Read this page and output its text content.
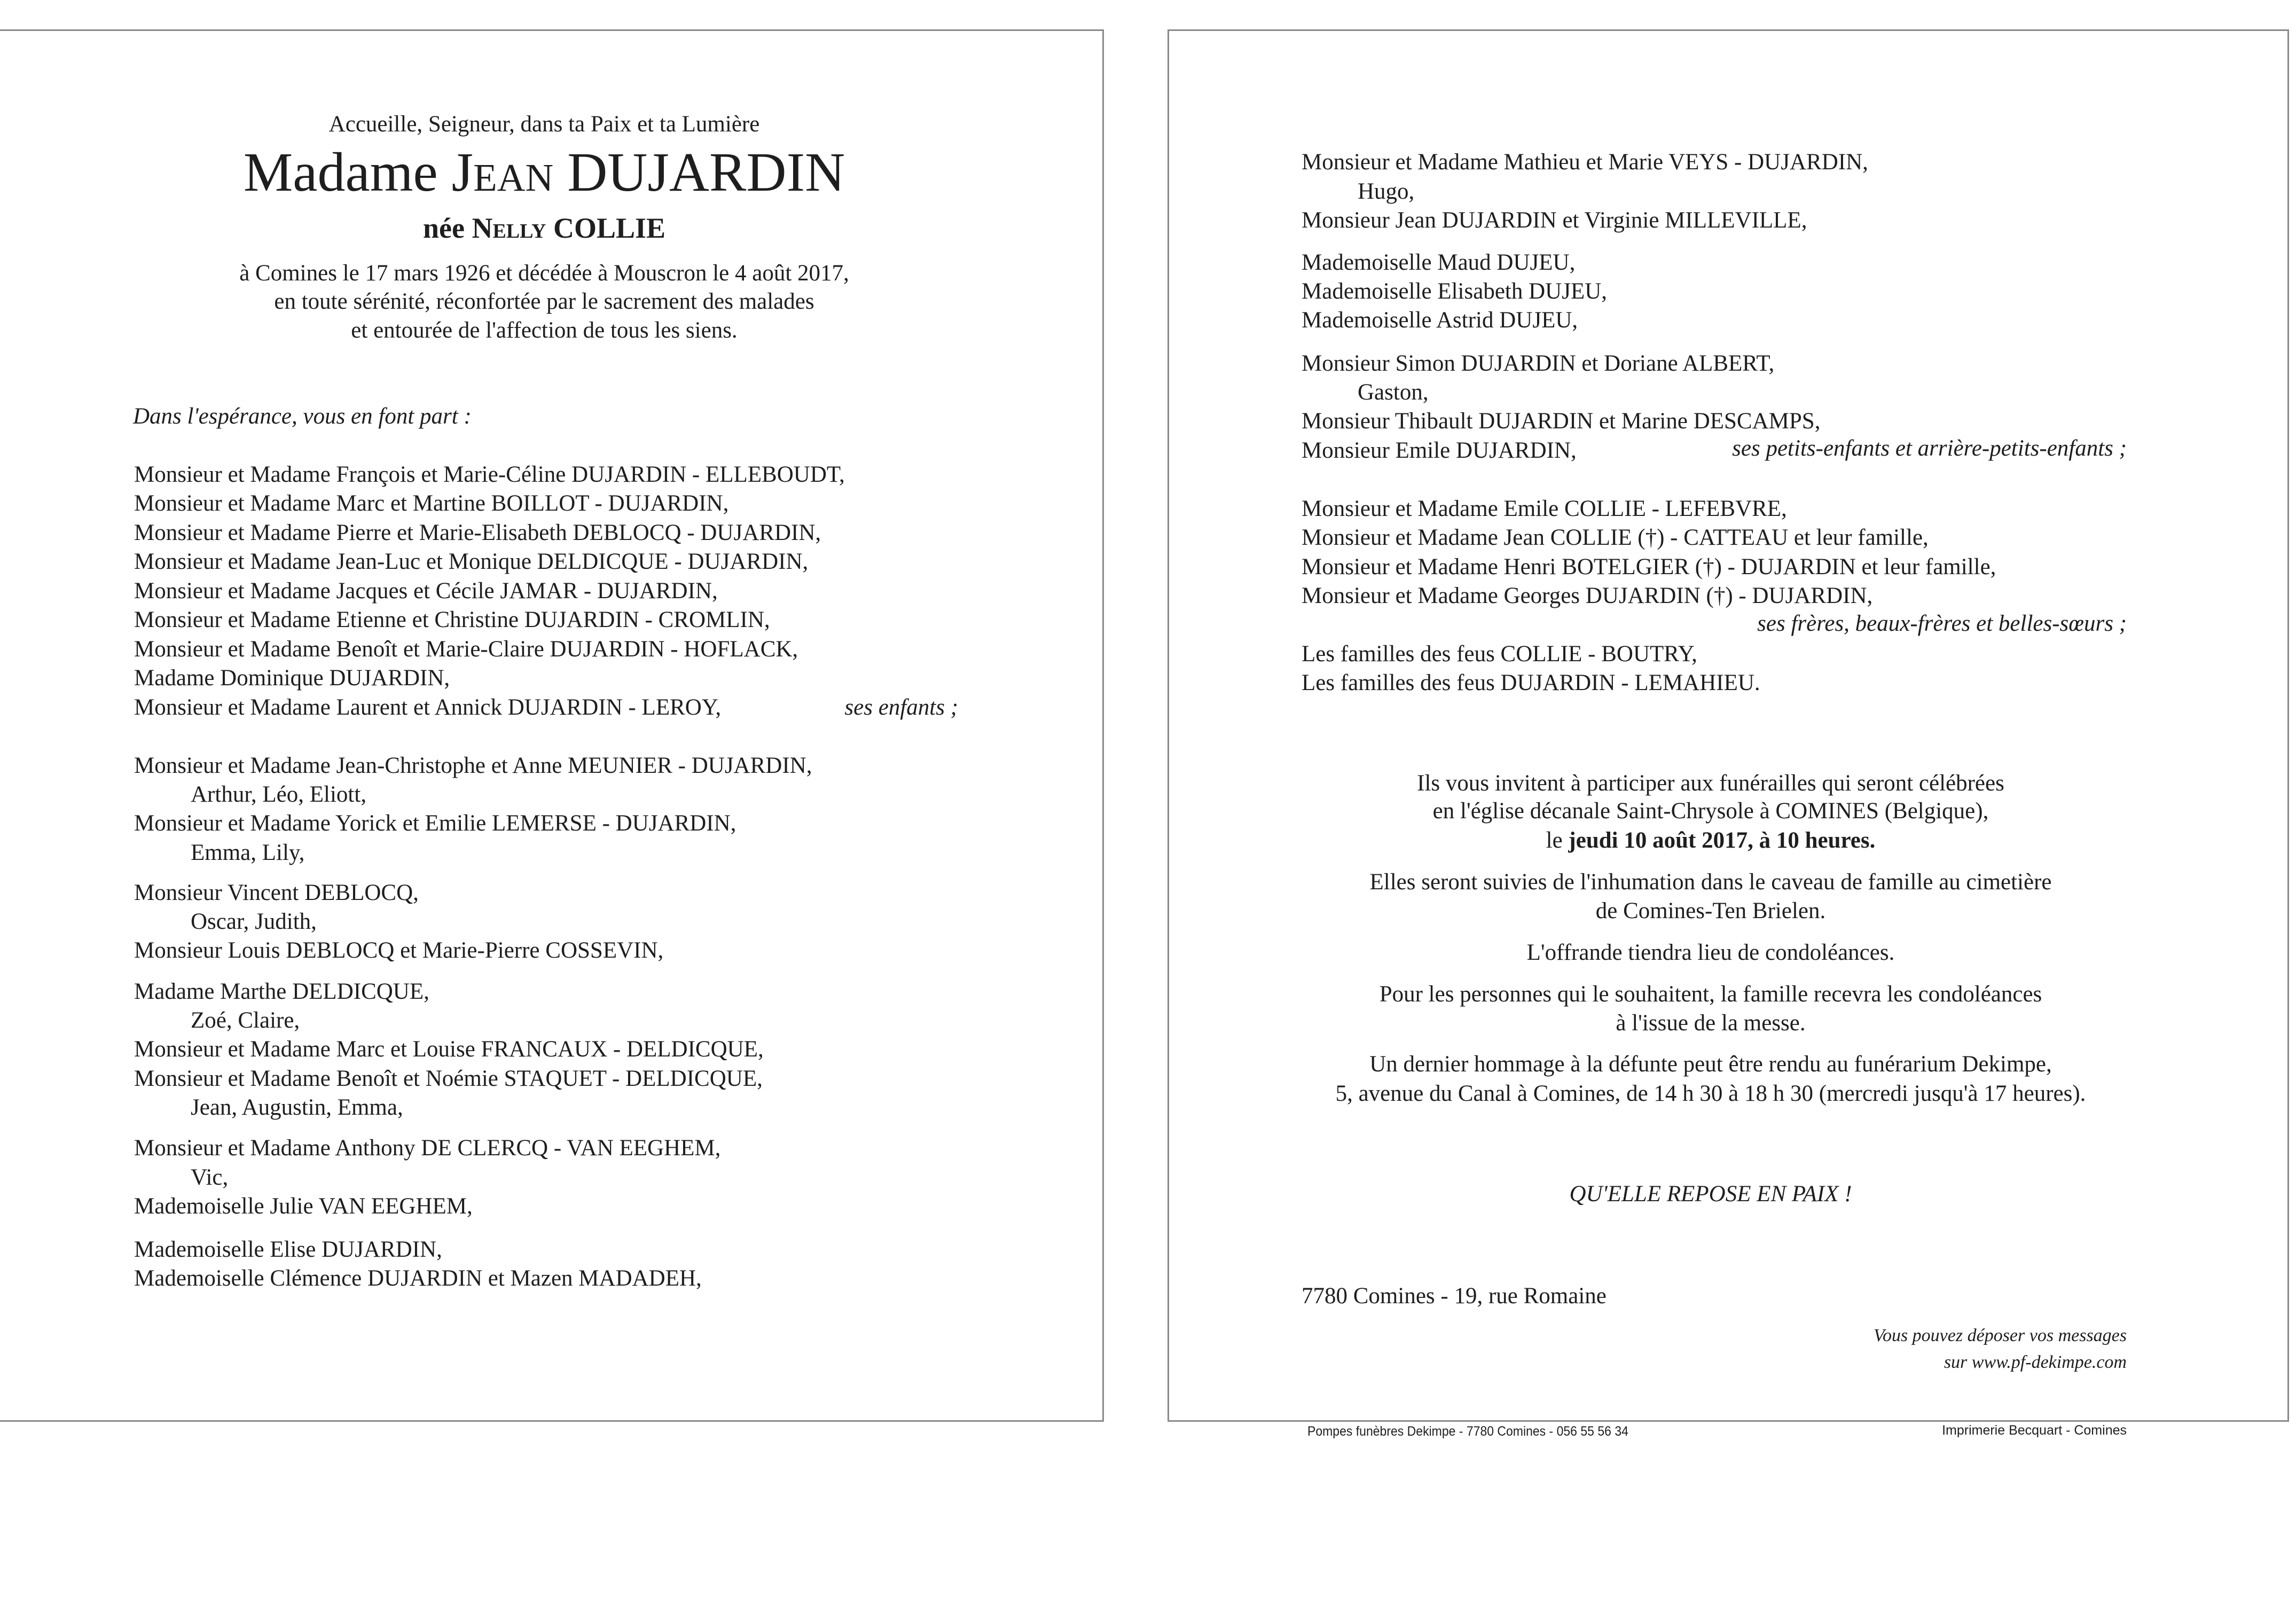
Accueille, Seigneur, dans ta Paix et ta Lumière
Madame Jean DUJARDIN
née Nelly COLLIE
à Comines le 17 mars 1926 et décédée à Mouscron le 4 août 2017,
en toute sérénité, réconfortée par le sacrement des malades
et entourée de l'affection de tous les siens.
Dans l'espérance, vous en font part :
Monsieur et Madame François et Marie-Céline DUJARDIN - ELLEBOUDT,
Monsieur et Madame Marc et Martine BOILLOT - DUJARDIN,
Monsieur et Madame Pierre et Marie-Elisabeth DEBLOCQ - DUJARDIN,
Monsieur et Madame Jean-Luc et Monique DELDICQUE - DUJARDIN,
Monsieur et Madame Jacques et Cécile JAMAR - DUJARDIN,
Monsieur et Madame Etienne et Christine DUJARDIN - CROMLIN,
Monsieur et Madame Benoît et Marie-Claire DUJARDIN - HOFLACK,
Madame Dominique DUJARDIN,
Monsieur et Madame Laurent et Annick DUJARDIN - LEROY,	ses enfants ;
Monsieur et Madame Jean-Christophe et Anne MEUNIER - DUJARDIN,
Arthur, Léo, Eliott,
Monsieur et Madame Yorick et Emilie LEMERSE - DUJARDIN,
Emma, Lily,
Monsieur Vincent DEBLOCQ,
Oscar, Judith,
Monsieur Louis DEBLOCQ et Marie-Pierre COSSEVIN,
Madame Marthe DELDICQUE,
Zoé, Claire,
Monsieur et Madame Marc et Louise FRANCAUX - DELDICQUE,
Monsieur et Madame Benoît et Noémie STAQUET - DELDICQUE,
Jean, Augustin, Emma,
Monsieur et Madame Anthony DE CLERCQ - VAN EEGHEM,
Vic,
Mademoiselle Julie VAN EEGHEM,
Mademoiselle Elise DUJARDIN,
Mademoiselle Clémence DUJARDIN et Mazen MADADEH,
Monsieur et Madame Mathieu et Marie VEYS - DUJARDIN,
Hugo,
Monsieur Jean DUJARDIN et Virginie MILLEVILLE,
Mademoiselle Maud DUJEU,
Mademoiselle Elisabeth DUJEU,
Mademoiselle Astrid DUJEU,
Monsieur Simon DUJARDIN et Doriane ALBERT,
Gaston,
Monsieur Thibault DUJARDIN et Marine DESCAMPS,
Monsieur Emile DUJARDIN,	ses petits-enfants et arrière-petits-enfants ;
Monsieur et Madame Emile COLLIE - LEFEBVRE,
Monsieur et Madame Jean COLLIE (†) - CATTEAU et leur famille,
Monsieur et Madame Henri BOTELGIER (†) - DUJARDIN et leur famille,
Monsieur et Madame Georges DUJARDIN (†) - DUJARDIN,
ses frères, beaux-frères et belles-sœurs ;
Les familles des feus COLLIE - BOUTRY,
Les familles des feus DUJARDIN - LEMAHIEU.
Ils vous invitent à participer aux funérailles qui seront célébrées
en l'église décanale Saint-Chrysole à COMINES (Belgique),
le jeudi 10 août 2017, à 10 heures.
Elles seront suivies de l'inhumation dans le caveau de famille au cimetière
de Comines-Ten Brielen.
L'offrande tiendra lieu de condoléances.
Pour les personnes qui le souhaitent, la famille recevra les condoléances
à l'issue de la messe.
Un dernier hommage à la défunte peut être rendu au funérarium Dekimpe,
5, avenue du Canal à Comines, de 14 h 30 à 18 h 30 (mercredi jusqu'à 17 heures).
QU'ELLE REPOSE EN PAIX !
7780 Comines - 19, rue Romaine
Vous pouvez déposer vos messages
sur www.pf-dekimpe.com
Pompes funèbres Dekimpe - 7780 Comines - 056 55 56 34	Imprimerie Becquart - Comines
